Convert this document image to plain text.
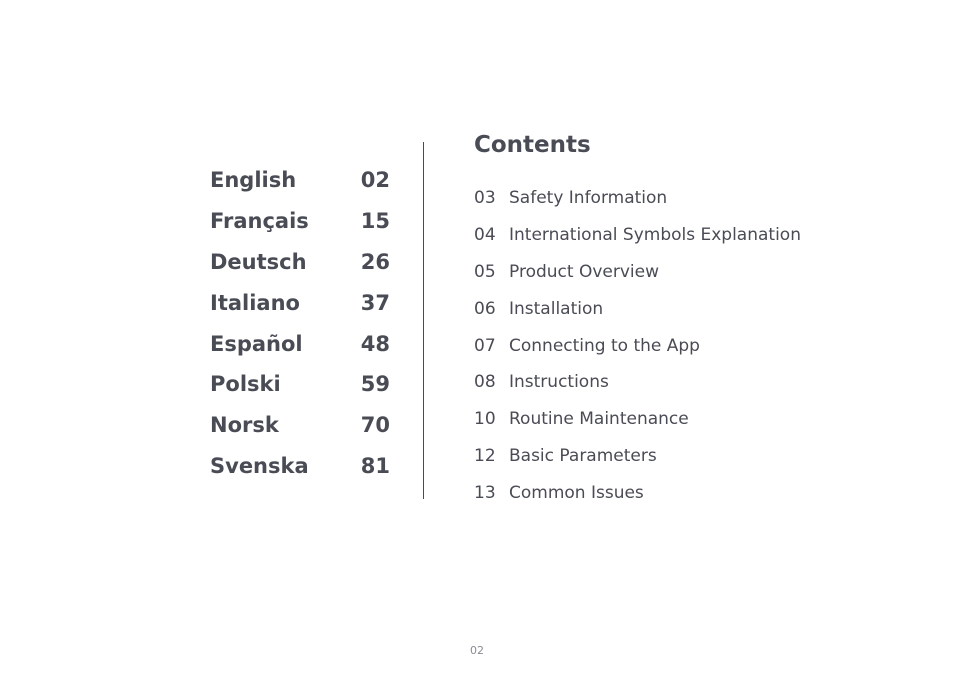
English	02
Français	15
Deutsch	26
Italiano	37
Español	48
Polski	59
Norsk	70
Svenska	81
Contents
03 Safety Information
04 International Symbols Explanation
05 Product Overview
06 Installation
07 Connecting to the App
08 Instructions
10 Routine Maintenance
12 Basic Parameters
13 Common Issues
02
